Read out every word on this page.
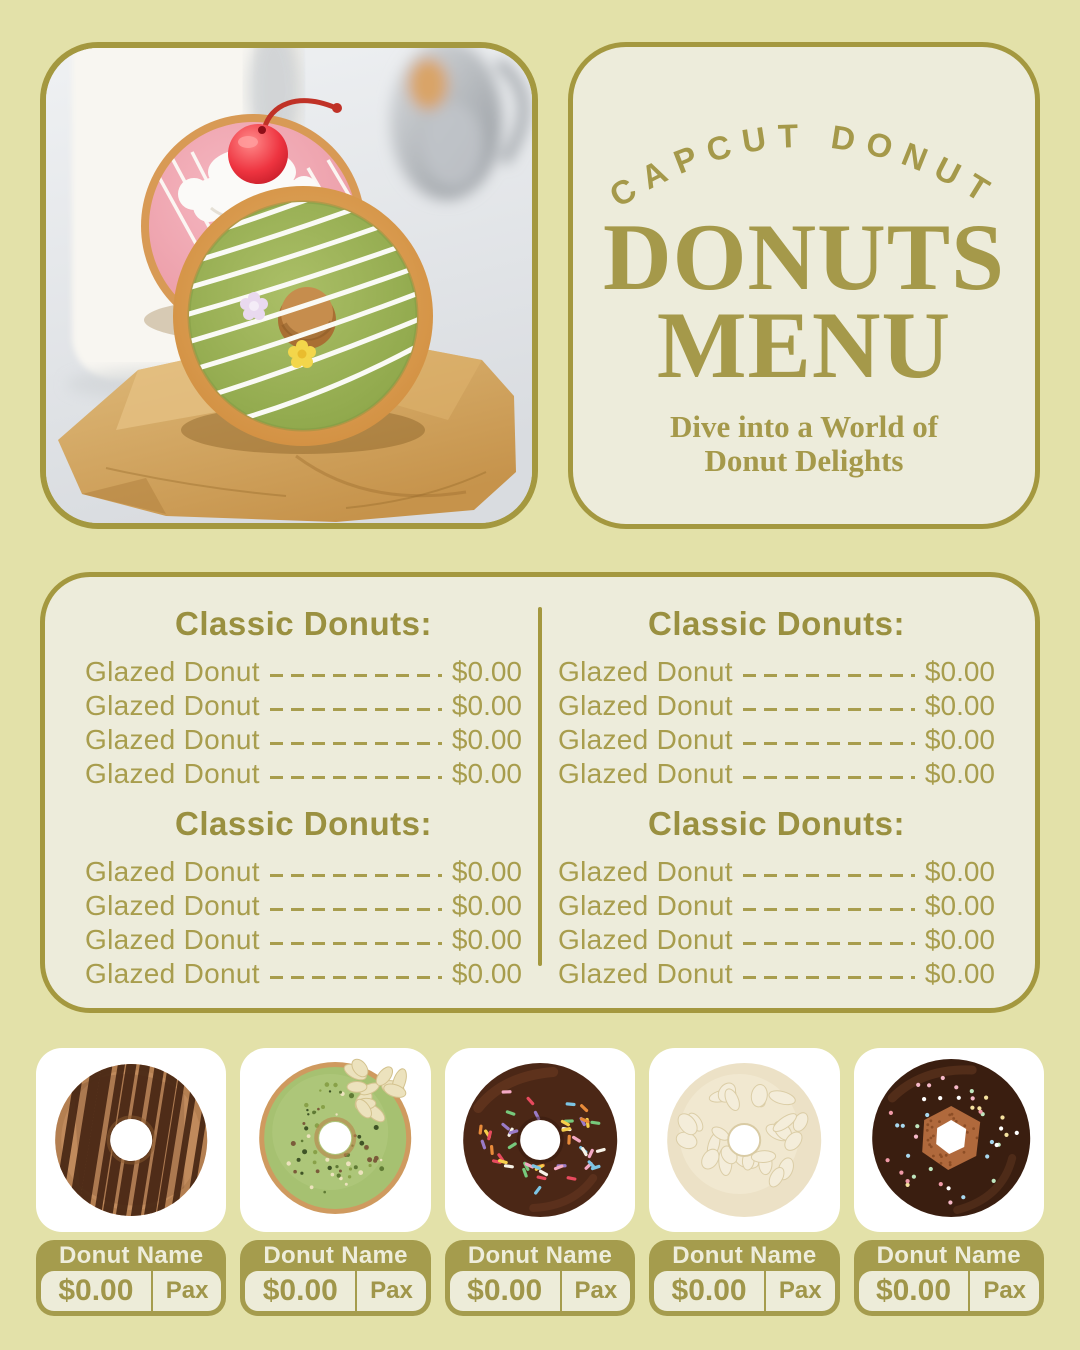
CAPCUT DONUT
DONUTS
MENU
Dive into a World of
Donut Delights
Classic Donuts:
Glazed Donut	$0.00
Glazed Donut	$0.00
Glazed Donut	$0.00
Glazed Donut	$0.00
Classic Donuts:
Glazed Donut	$0.00
Glazed Donut	$0.00
Glazed Donut	$0.00
Glazed Donut	$0.00
Classic Donuts:
Glazed Donut	$0.00
Glazed Donut	$0.00
Glazed Donut	$0.00
Glazed Donut	$0.00
Classic Donuts:
Glazed Donut	$0.00
Glazed Donut	$0.00
Glazed Donut	$0.00
Glazed Donut	$0.00
Donut Name
$0.00	Pax
Donut Name
$0.00	Pax
Donut Name
$0.00	Pax
Donut Name
$0.00	Pax
Donut Name
$0.00	Pax
